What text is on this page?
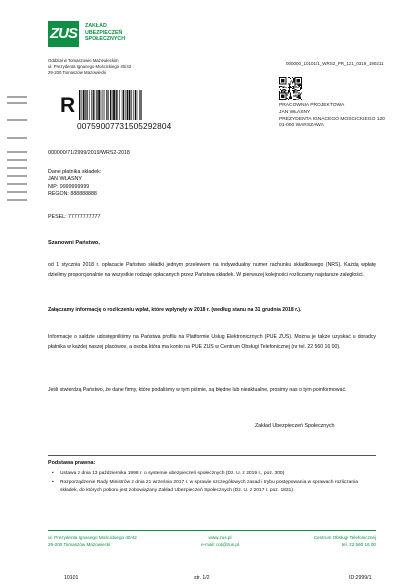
ZUS	ZAKŁAD
UBEZPIECZEŃ
SPOŁECZNYCH
Oddział w Tomaszowie Mazowieckim
ul. Prezydenta Ignacego Mościckiego 40/42
29-200 Tomaszów Mazowiecki
000000_10101/1_WRS2_PR_1z1_0319_190211
R
00759007731505292804
PRACOWNIA PROJEKTOWA
JAN WŁASNY
PREZYDENTA IGNACEGO MOŚCICKIEGO 120
01-000 WARSZAWA
000000/71/2999/2019/WRS2-2018
Dane płatnika składek:
JAN WŁASNY
NIP: 9999999999
REGON: 888888888
PESEL: 77777777777
Szanowni Państwo,
od 1 stycznia 2018 r. opłacacie Państwo składki jednym przelewem na indywidualny numer rachunku składkowego (NRS). Każdą wpłatę dzielimy proporcjonalnie na wszystkie rodzaje opłacanych przez Państwa składek. W pierwszej kolejności rozliczamy najstarsze zaległości.
Załączamy informację o rozliczeniu wpłat, które wpłynęły w 2018 r. (według stanu na 31 grudnia 2018 r.).
Informacje o saldzie udostępniliśmy na Państwa profilu na Platformie Usług Elektronicznych (PUE ZUS). Można je także uzyskać u doradcy płatnika w każdej naszej placówce, a osoba która ma konto na PUE ZUS w Centrum Obsługi Telefonicznej (nr tel. 22 560 16 00).
Jeśli stwierdzą Państwo, że dane firmy, które podaliśmy w tym piśmie, są błędne lub nieaktualne, prosimy nas o tym poinformować.
Zakład Ubezpieczeń Społecznych
Podstawa prawna:
• Ustawa z dnia 13 października 1998 r. o systemie ubezpieczeń społecznych (Dz. U. z 2019 r., poz. 300)
• Rozporządzenie Rady Ministrów z dnia 21 września 2017 r. w sprawie szczegółowych zasad i trybu postępowania w sprawach rozliczania składek, do których poboru jest zobowiązany Zakład Ubezpieczeń Społecznych (Dz. U. z 2017 r. poz. 1831)
ul. Prezydenta Ignacego Mościckiego 40/42
29-200 Tomaszów Mazowiecki
www.zus.pl
e-mail: cot@zus.pl
Centrum Obsługi Telefonicznej
tel. 22 560 16 00
10101	str. 1/2	ID:2999/1
